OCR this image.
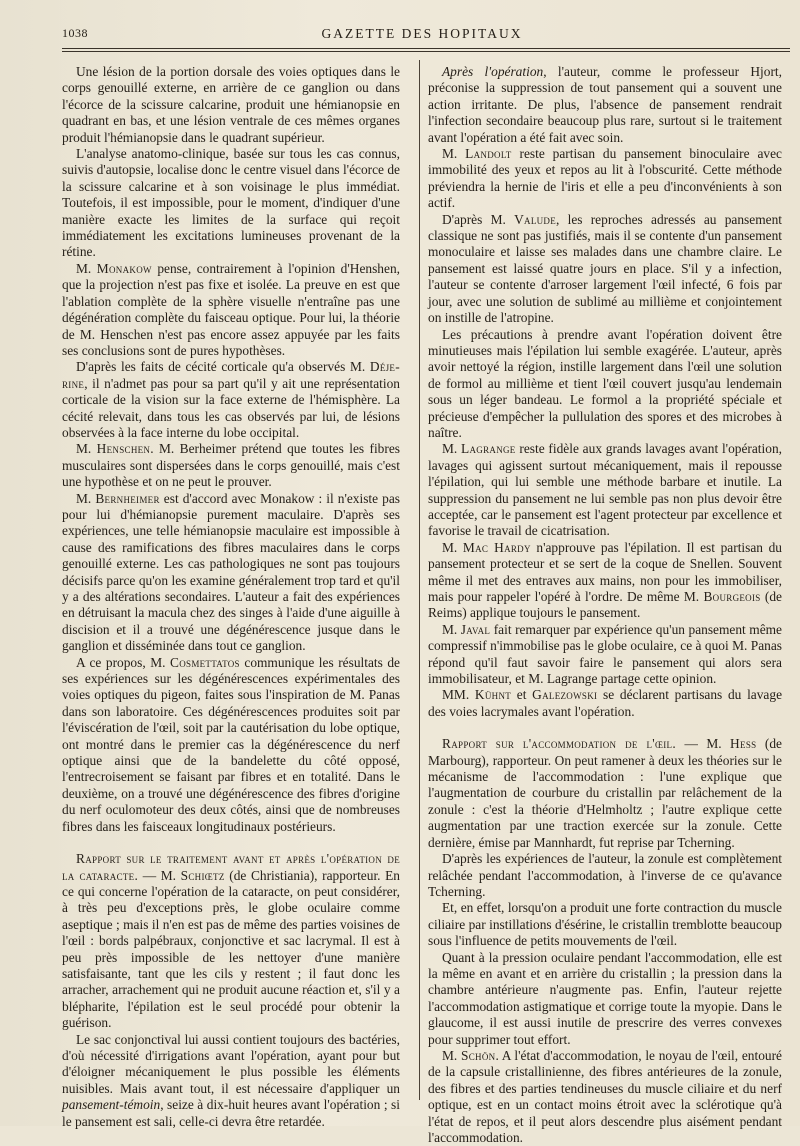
1038	GAZETTE DES HOPITAUX

Une lésion de la portion dorsale des voies optiques dans le corps genouillé externe, en arrière de ce ganglion ou dans l'écorce de la scissure calcarine, produit une hémianopsie en quadrant en bas, et une lésion ventrale de ces mêmes organes produit l'hémianopsie dans le quadrant supérieur.

L'analyse anatomo-clinique, basée sur tous les cas connus, suivis d'autopsie, localise donc le centre visuel dans l'écorce de la scissure calcarine et à son voisinage le plus immédiat. Toutefois, il est impossible, pour le moment, d'indiquer d'une manière exacte les limites de la surface qui reçoit immédiatement les excitations lumineuses provenant de la rétine.

M. Monakow pense, contrairement à l'opinion d'Henshen, que la projection n'est pas fixe et isolée. La preuve en est que l'ablation complète de la sphère visuelle n'entraîne pas une dégénération complète du faisceau optique. Pour lui, la théorie de M. Henschen n'est pas encore assez appuyée par les faits ses conclusions sont de pures hypothèses.

D'après les faits de cécité corticale qu'a observés M. Déje-rine, il n'admet pas pour sa part qu'il y ait une représentation corticale de la vision sur la face externe de l'hémisphère. La cécité relevait, dans tous les cas observés par lui, de lésions observées à la face interne du lobe occipital.

M. Henschen. M. Berheimer prétend que toutes les fibres musculaires sont dispersées dans le corps genouillé, mais c'est une hypothèse et on ne peut le prouver.

M. Bernheimer est d'accord avec Monakow : il n'existe pas pour lui d'hémianopsie purement maculaire. D'après ses expériences, une telle hémianopsie maculaire est impossible à cause des ramifications des fibres maculaires dans le corps genouillé externe. Les cas pathologiques ne sont pas toujours décisifs parce qu'on les examine généralement trop tard et qu'il y a des altérations secondaires. L'auteur a fait des expériences en détruisant la macula chez des singes à l'aide d'une aiguille à discision et il a trouvé une dégénérescence jusque dans le ganglion et disséminée dans tout ce ganglion.

A ce propos, M. Cosmettatos communique les résultats de ses expériences sur les dégénérescences expérimentales des voies optiques du pigeon, faites sous l'inspiration de M. Panas dans son laboratoire. Ces dégénérescences produites soit par l'éviscération de l'œil, soit par la cautérisation du lobe optique, ont montré dans le premier cas la dégénérescence du nerf optique ainsi que de la bandelette du côté opposé, l'entrecroisement se faisant par fibres et en totalité. Dans le deuxième, on a trouvé une dégénérescence des fibres d'origine du nerf oculomoteur des deux côtés, ainsi que de nombreuses fibres dans les faisceaux longitudinaux postérieurs.

Rapport sur le traitement avant et après l'opération de la cataracte. — M. Schiœtz (de Christiania), rapporteur. En ce qui concerne l'opération de la cataracte, on peut considérer, à très peu d'exceptions près, le globe oculaire comme aseptique ; mais il n'en est pas de même des parties voisines de l'œil : bords palpébraux, conjonctive et sac lacrymal. Il est à peu près impossible de les nettoyer d'une manière satisfaisante, tant que les cils y restent ; il faut donc les arracher, arrachement qui ne produit aucune réaction et, s'il y a blépharite, l'épilation est le seul procédé pour obtenir la guérison.

Le sac conjonctival lui aussi contient toujours des bactéries, d'où nécessité d'irrigations avant l'opération, ayant pour but d'éloigner mécaniquement le plus possible les éléments nuisibles. Mais avant tout, il est nécessaire d'appliquer un pansement-témoin, seize à dix-huit heures avant l'opération ; si le pansement est sali, celle-ci devra être retardée.

Après l'opération, l'auteur, comme le professeur Hjort, préconise la suppression de tout pansement qui a souvent une action irritante. De plus, l'absence de pansement rendrait l'infection secondaire beaucoup plus rare, surtout si le traitement avant l'opération a été fait avec soin.

M. Landolt reste partisan du pansement binoculaire avec immobilité des yeux et repos au lit à l'obscurité. Cette méthode préviendra la hernie de l'iris et elle a peu d'inconvénients à son actif.

D'après M. Valude, les reproches adressés au pansement classique ne sont pas justifiés, mais il se contente d'un pansement monoculaire et laisse ses malades dans une chambre claire. Le pansement est laissé quatre jours en place. S'il y a infection, l'auteur se contente d'arroser largement l'œil infecté, 6 fois par jour, avec une solution de sublimé au millième et conjointement on instille de l'atropine.

Les précautions à prendre avant l'opération doivent être minutieuses mais l'épilation lui semble exagérée. L'auteur, après avoir nettoyé la région, instille largement dans l'œil une solution de formol au millième et tient l'œil couvert jusqu'au lendemain sous un léger bandeau. Le formol a la propriété spéciale et précieuse d'empêcher la pullulation des spores et des microbes à naître.

M. Lagrange reste fidèle aux grands lavages avant l'opération, lavages qui agissent surtout mécaniquement, mais il repousse l'épilation, qui lui semble une méthode barbare et inutile. La suppression du pansement ne lui semble pas non plus devoir être acceptée, car le pansement est l'agent protecteur par excellence et favorise le travail de cicatrisation.

M. Mac Hardy n'approuve pas l'épilation. Il est partisan du pansement protecteur et se sert de la coque de Snellen. Souvent même il met des entraves aux mains, non pour les immobiliser, mais pour rappeler l'opéré à l'ordre. De même M. Bourgeois (de Reims) applique toujours le pansement.

M. Javal fait remarquer par expérience qu'un pansement même compressif n'immobilise pas le globe oculaire, ce à quoi M. Panas répond qu'il faut savoir faire le pansement qui alors sera immobilisateur, et M. Lagrange partage cette opinion.

MM. Kühnt et Galezowski se déclarent partisans du lavage des voies lacrymales avant l'opération.

Rapport sur l'accommodation de l'œil. — M. Hess (de Marbourg), rapporteur. On peut ramener à deux les théories sur le mécanisme de l'accommodation : l'une explique que l'augmentation de courbure du cristallin par relâchement de la zonule : c'est la théorie d'Helmholtz ; l'autre explique cette augmentation par une traction exercée sur la zonule. Cette dernière, émise par Mannhardt, fut reprise par Tcherning.

D'après les expériences de l'auteur, la zonule est complètement relâchée pendant l'accommodation, à l'inverse de ce qu'avance Tcherning.

Et, en effet, lorsqu'on a produit une forte contraction du muscle ciliaire par instillations d'ésérine, le cristallin tremblotte beaucoup sous l'influence de petits mouvements de l'œil.

Quant à la pression oculaire pendant l'accommodation, elle est la même en avant et en arrière du cristallin ; la pression dans la chambre antérieure n'augmente pas. Enfin, l'auteur rejette l'accommodation astigmatique et corrige toute la myopie. Dans le glaucome, il est aussi inutile de prescrire des verres convexes pour supprimer tout effort.

M. Schön. A l'état d'accommodation, le noyau de l'œil, entouré de la capsule cristallinienne, des fibres antérieures de la zonule, des fibres et des parties tendineuses du muscle ciliaire et du nerf optique, est en un contact moins étroit avec la sclérotique qu'à l'état de repos, et il peut alors descendre plus aisément pendant l'accommodation.
